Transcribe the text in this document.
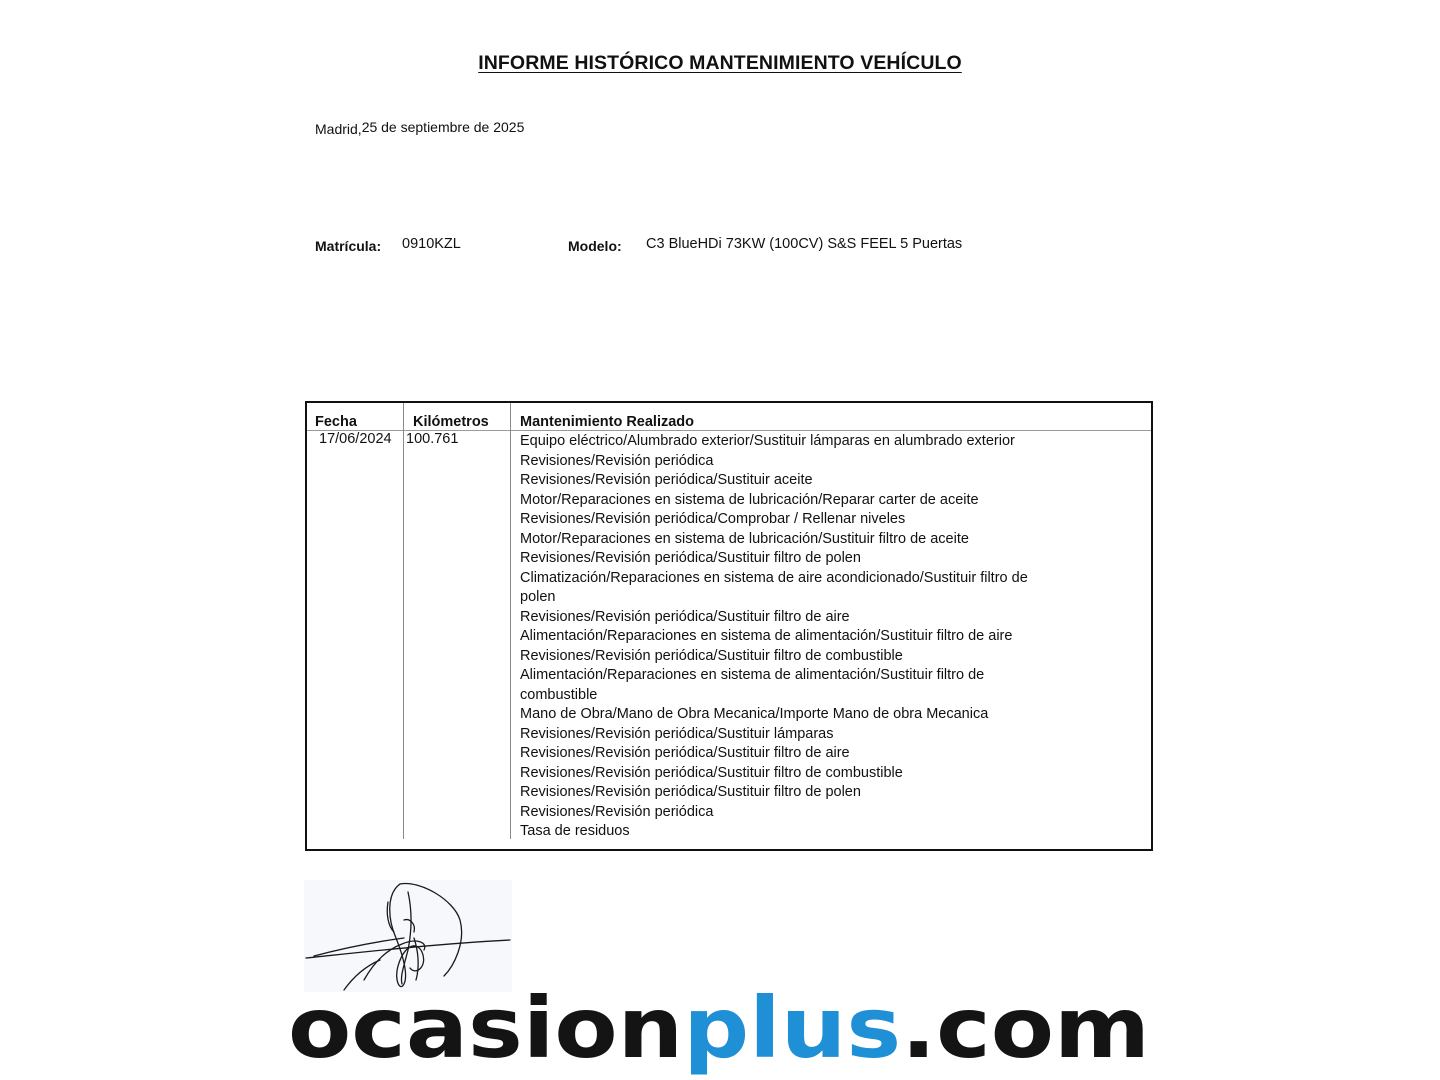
INFORME HISTÓRICO MANTENIMIENTO VEHÍCULO
Madrid,25 de septiembre de 2025
Matrícula: 0910KZL	Modelo: C3 BlueHDi 73KW (100CV) S&S FEEL 5 Puertas
Fecha	Kilómetros Mantenimiento Realizado
17/06/2024 100.761	Equipo eléctrico/Alumbrado exterior/Sustituir lámparas en alumbrado exterior
Revisiones/Revisión periódica
Revisiones/Revisión periódica/Sustituir aceite
Motor/Reparaciones en sistema de lubricación/Reparar carter de aceite
Revisiones/Revisión periódica/Comprobar / Rellenar niveles
Motor/Reparaciones en sistema de lubricación/Sustituir filtro de aceite
Revisiones/Revisión periódica/Sustituir filtro de polen
Climatización/Reparaciones en sistema de aire acondicionado/Sustituir filtro de
polen
Revisiones/Revisión periódica/Sustituir filtro de aire
Alimentación/Reparaciones en sistema de alimentación/Sustituir filtro de aire
Revisiones/Revisión periódica/Sustituir filtro de combustible
Alimentación/Reparaciones en sistema de alimentación/Sustituir filtro de
combustible
Mano de Obra/Mano de Obra Mecanica/Importe Mano de obra Mecanica
Revisiones/Revisión periódica/Sustituir lámparas
Revisiones/Revisión periódica/Sustituir filtro de aire
Revisiones/Revisión periódica/Sustituir filtro de combustible
Revisiones/Revisión periódica/Sustituir filtro de polen
Revisiones/Revisión periódica
Tasa de residuos
ocasion plus .com
